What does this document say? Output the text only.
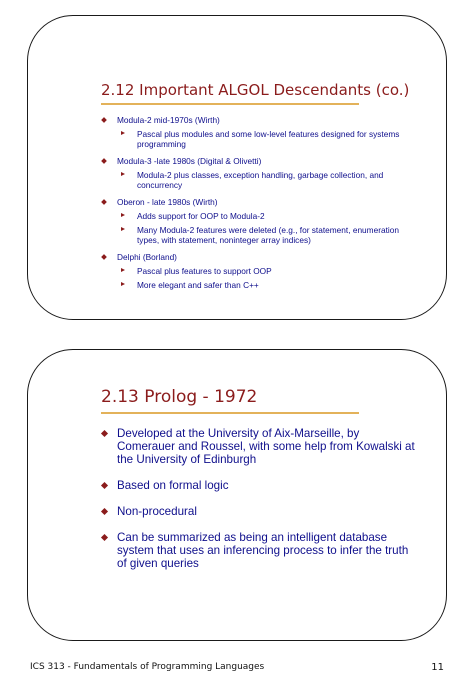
2.12 Important ALGOL Descendants (co.)
Modula-2 mid-1970s (Wirth)
Pascal plus modules and some low-level features designed for systems programming
Modula-3 -late 1980s (Digital & Olivetti)
Modula-2 plus classes, exception handling, garbage collection, and concurrency
Oberon - late 1980s (Wirth)
Adds support for OOP to Modula-2
Many Modula-2 features were deleted (e.g., for statement, enumeration types, with statement, noninteger array indices)
Delphi (Borland)
Pascal plus features to support OOP
More elegant and safer than C++
2.13 Prolog - 1972
Developed at the University of Aix-Marseille, by Comerauer and Roussel, with some help from Kowalski at the University of Edinburgh
Based on formal logic
Non-procedural
Can be summarized as being an intelligent database system that uses an inferencing process to infer the truth of given queries
ICS 313 - Fundamentals of Programming Languages	11
